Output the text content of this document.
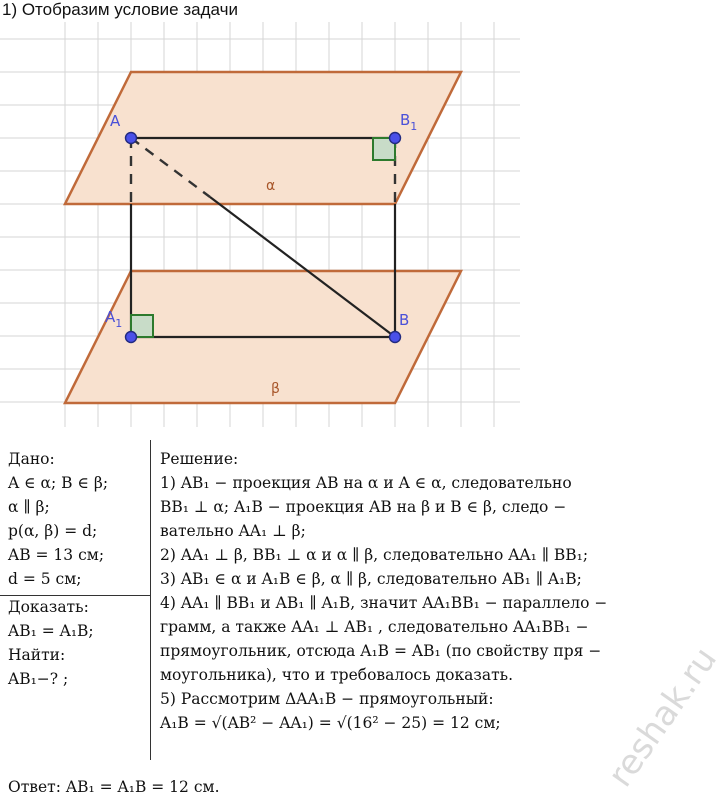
1) Отобразим условие задачи
A	$B_1$
$A_1$	B
α
β
Дано:
A ∈ α; B ∈ β;
α ∥ β;
p(α, β) = d;
AB = 13 см;
d = 5 см;
Доказать:
AB₁ = A₁B;
Найти:
AB₁−? ;
Решение:
1) AB₁ − проекция AB на α и A ∈ α, следовательно
BB₁ ⊥ α; A₁B − проекция AB на β и B ∈ β, следо −
вательно AA₁ ⊥ β;
2) AA₁ ⊥ β, BB₁ ⊥ α и α ∥ β, следовательно AA₁ ∥ BB₁;
3) AB₁ ∈ α и A₁B ∈ β, α ∥ β, следовательно AB₁ ∥ A₁B;
4) AA₁ ∥ BB₁ и AB₁ ∥ A₁B, значит AA₁BB₁ − параллело −
грамм, а также AA₁ ⊥ AB₁ , следовательно AA₁BB₁ −
прямоугольник, отсюда A₁B = AB₁ (по свойству пря −
моугольника), что и требовалось доказать.
5) Рассмотрим ΔAA₁B − прямоугольный:
A₁B = √(AB² − AA₁) = √(16² − 25) = 12 см;
Ответ: AB₁ = A₁B = 12 см.	reshak.ru
